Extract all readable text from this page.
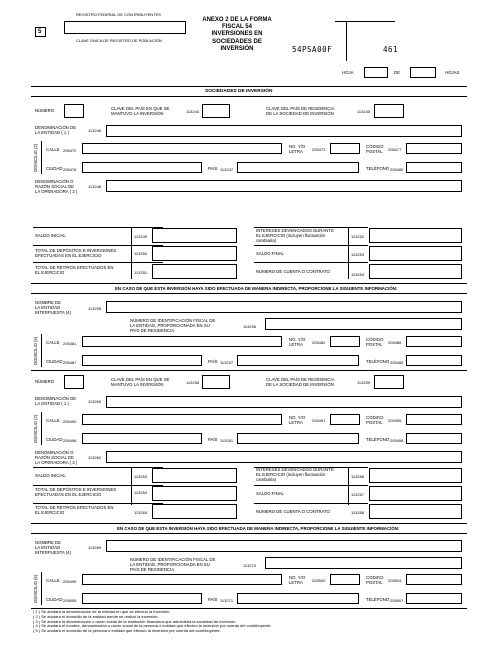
5
REGISTRO FEDERAL DE CONTRIBUYENTES
CLAVE ÚNICA DE REGISTRO DE POBLACIÓN
ANEXO 2 DE LA FORMA
FISCAL 54
INVERSIONES EN
SOCIEDADES DE
INVERSIÓN	54PSA00F	461
HOJA	DE	HOJAS
SOCIEDADES DE INVERSIÓN
NÚMERO	CLAVE DEL PAÍS EN QUE SE
MANTUVO LA INVERSIÓN	113244
CLAVE DEL PAÍS DE RESIDENCIA
DE LA SOCIEDAD DE INVERSIÓN	113245
DENOMINACIÓN DE
LA ENTIDAD ( 1 )	113246
DOMICILIO (2) CALLE 205472
NO. Y/O
LETRA	205473
CÓDIGO
POSTAL 205477
CIUDAD 205478	PAÍS 113247	TELÉFONO 205480
DENOMINACIÓN O
RAZÓN SOCIAL DE
LA OPERADORA ( 3 )
113248
SALDO INICIAL	113249
TOTAL DE DEPÓSITOS E INVERSIONES
EFECTUADAS EN EL EJERCICIO	113250
TOTAL DE RETIROS EFECTUADOS EN
EL EJERCICIO	113251
INTERESES DEVENGADOS DURANTE
EL EJERCICIO (incluyen fluctuación
cambiaria)
113252
SALDO FINAL	113253
NÚMERO DE CUENTA O CONTRATO
113254
EN CASO DE QUE ESTA INVERSIÓN HAYA SIDO EFECTUADA DE MANERA INDIRECTA, PROPORCIONE LA SIGUIENTE INFORMACIÓN:
NOMBRE DE
LA ENTIDAD
INTERPUESTA (4)
113255
NÚMERO DE IDENTIFICACIÓN FISCAL DE
LA ENTIDAD, PROPORCIONADA EN SU
PAÍS DE RESIDENCIA.
113256
DOMICILIO (5) CALLE 205481
NO. Y/O
LETRA	205482
CÓDIGO
POSTAL 205486
CIUDAD 205487	PAÍS 113257	TELÉFONO 205489
NÚMERO	CLAVE DEL PAÍS EN QUE SE
MANTUVO LA INVERSIÓN	113258
CLAVE DEL PAÍS DE RESIDENCIA
DE LA SOCIEDAD DE INVERSIÓN	113259
DENOMINACIÓN DE
LA ENTIDAD ( 1 )	113260
DOMICILIO (2) CALLE 205490
NO. Y/O
LETRA	205491
CÓDIGO
POSTAL 205495
CIUDAD 205496	PAÍS 113261	TELÉFONO 205498
DENOMINACIÓN O
RAZÓN SOCIAL DE
LA OPERADORA ( 3 )
113262
SALDO INICIAL	113263
TOTAL DE DEPÓSITOS E INVERSIONES
EFECTUADAS EN EL EJERCICIO	113264
TOTAL DE RETIROS EFECTUADOS EN
EL EJERCICIO	113265
INTERESES DEVENGADOS DURANTE
EL EJERCICIO (incluyen fluctuación
cambiaria)
113266
SALDO FINAL	113267
NÚMERO DE CUENTA O CONTRATO	113268
EN CASO DE QUE ESTA INVERSIÓN HAYA SIDO EFECTUADA DE MANERA INDIRECTA, PROPORCIONE LA SIGUIENTE INFORMACIÓN:
NOMBRE DE
LA ENTIDAD
INTERPUESTA (4)
113269
NÚMERO DE IDENTIFICACIÓN FISCAL DE
LA ENTIDAD, PROPORCIONADA EN SU
PAÍS DE RESIDENCIA.
113270
DOMICILIO (5) CALLE 205499
NO. Y/O
LETRA	205500
CÓDIGO
POSTAL 205504
CIUDAD 205505	PAÍS 113271	TELÉFONO 205507
( 1 ) Se anotará la denominación de la entidad en que se efectuó la inversión.
( 2 ) Se anotará el domicilio de la entidad donde se realizó la inversión.
( 3 ) Se anotará la denominación o razón social de la institución financiera que administra la sociedad de inversión.
( 4 ) Se anotará el nombre, denominación o razón social de la persona o entidad que efectuó la inversión por cuenta del contribuyente.
( 5 ) Se anotará el domicilio de la persona o entidad que efectuó la inversión por cuenta del contribuyente.
